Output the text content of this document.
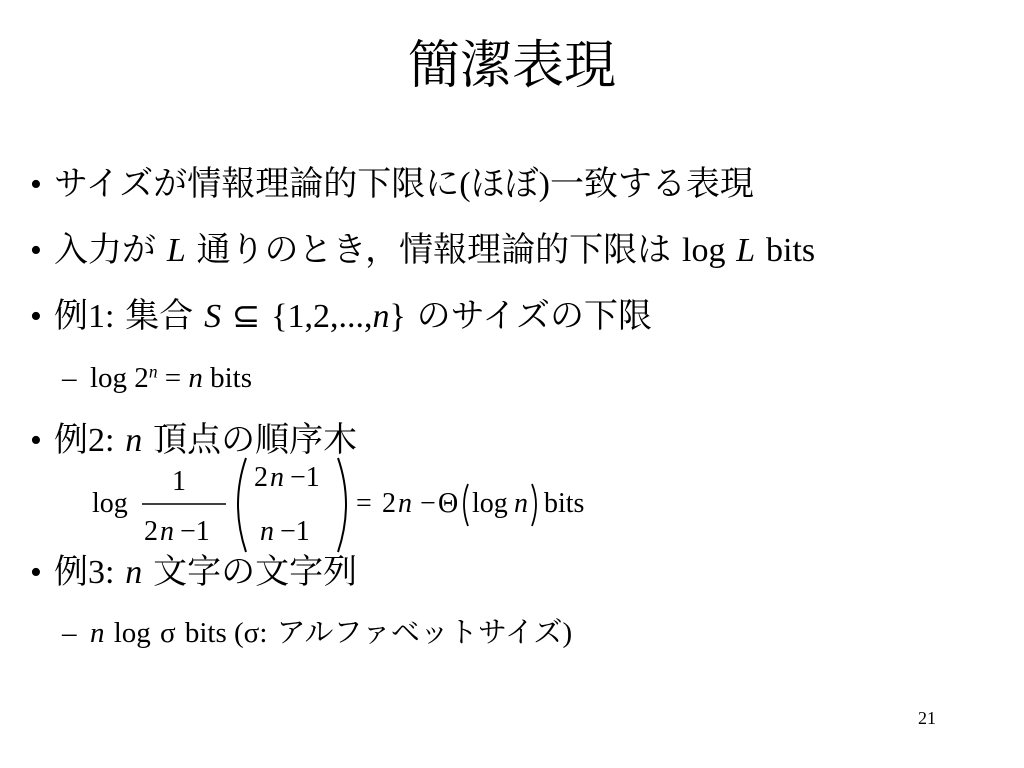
簡潔表現
• サイズが情報理論的下限に(ほぼ)一致する表現
• 入力が L 通りのとき，情報理論的下限は log L bits
• 例1: 集合 S ⊆ {1,2,...,n} のサイズの下限
– $\log 2^n = n$ bits
• 例2: n 頂点の順序木
log
1
2 n −1
2 n −1
n −1
= 2 n − Θ log n bits
• 例3: n 文字の文字列
– n log σ bits (σ: アルファベットサイズ)
21
